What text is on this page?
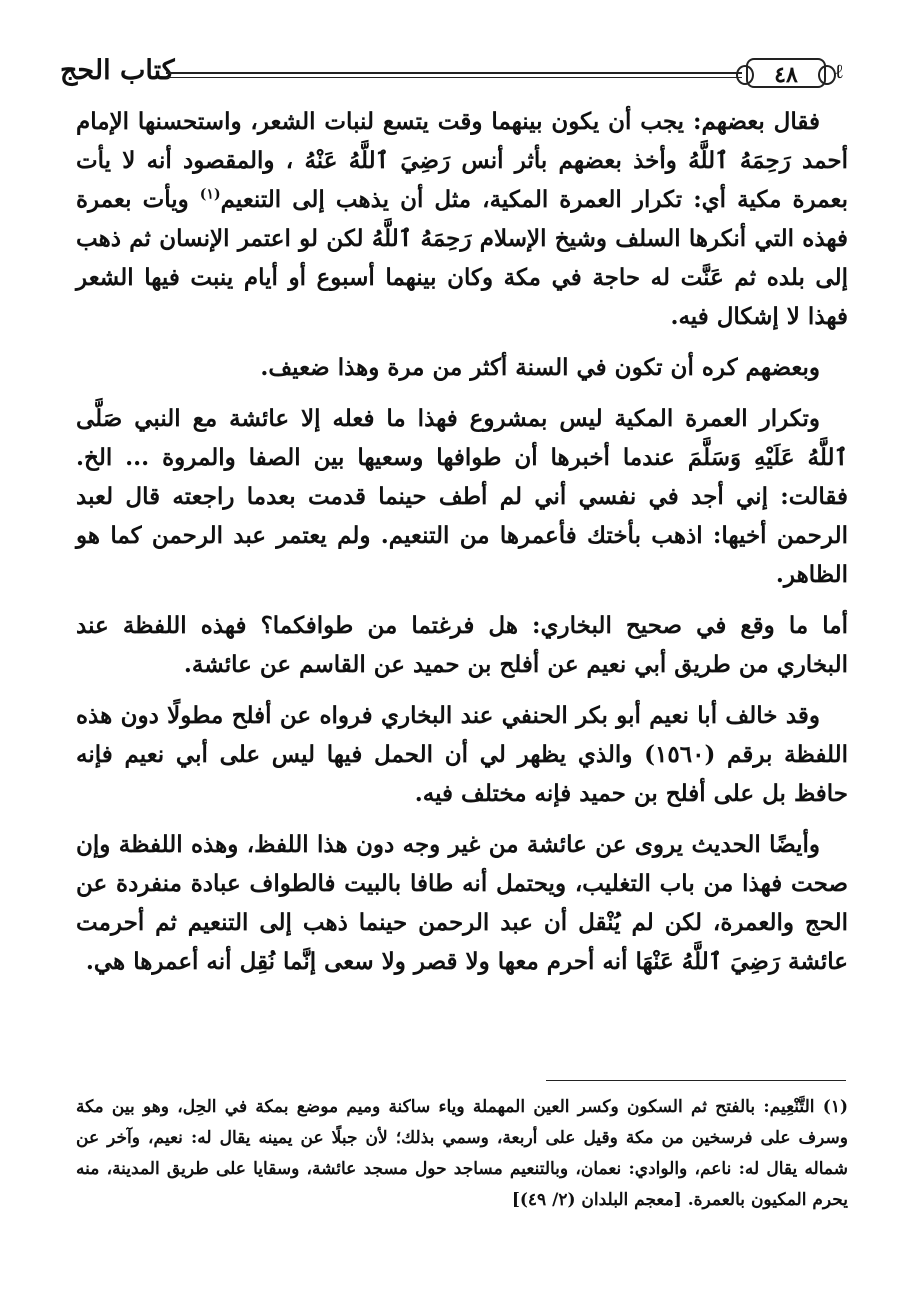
كتاب الحج	٤٨	ℓ

فقال بعضهم: يجب أن يكون بينهما وقت يتسع لنبات الشعر، واستحسنها الإمام أحمد رَحِمَهُ ٱللَّهُ وأخذ بعضهم بأثر أنس رَضِيَ ٱللَّهُ عَنْهُ ، والمقصود أنه لا يأت بعمرة مكية أي: تكرار العمرة المكية، مثل أن يذهب إلى التنعيم$^{(١)}$ ويأت بعمرة فهذه التي أنكرها السلف وشيخ الإسلام رَحِمَهُ ٱللَّهُ لكن لو اعتمر الإنسان ثم ذهب إلى بلده ثم عَنَّت له حاجة في مكة وكان بينهما أسبوع أو أيام ينبت فيها الشعر فهذا لا إشكال فيه.

وبعضهم كره أن تكون في السنة أكثر من مرة وهذا ضعيف.

وتكرار العمرة المكية ليس بمشروع فهذا ما فعله إلا عائشة مع النبي صَلَّى ٱللَّهُ عَلَيْهِ وَسَلَّمَ عندما أخبرها أن طوافها وسعيها بين الصفا والمروة ... الخ. فقالت: إني أجد في نفسي أني لم أطف حينما قدمت بعدما راجعته قال لعبد الرحمن أخيها: اذهب بأختك فأعمرها من التنعيم. ولم يعتمر عبد الرحمن كما هو الظاهر.

أما ما وقع في صحيح البخاري: هل فرغتما من طوافكما؟ فهذه اللفظة عند البخاري من طريق أبي نعيم عن أفلح بن حميد عن القاسم عن عائشة.

وقد خالف أبا نعيم أبو بكر الحنفي عند البخاري فرواه عن أفلح مطولًا دون هذه اللفظة برقم (١٥٦٠) والذي يظهر لي أن الحمل فيها ليس على أبي نعيم فإنه حافظ بل على أفلح بن حميد فإنه مختلف فيه.

وأيضًا الحديث يروى عن عائشة من غير وجه دون هذا اللفظ، وهذه اللفظة وإن صحت فهذا من باب التغليب، ويحتمل أنه طافا بالبيت فالطواف عبادة منفردة عن الحج والعمرة، لكن لم يُنْقل أن عبد الرحمن حينما ذهب إلى التنعيم ثم أحرمت عائشة رَضِيَ ٱللَّهُ عَنْهَا أنه أحرم معها ولا قصر ولا سعى إنَّما نُقِل أنه أعمرها هي.

(١) التَّنْعِيم: بالفتح ثم السكون وكسر العين المهملة وياء ساكنة وميم موضع بمكة في الحِل، وهو بين مكة وسرف على فرسخين من مكة وقيل على أربعة، وسمي بذلك؛ لأن جبلًا عن يمينه يقال له: نعيم، وآخر عن شماله يقال له: ناعم، والوادي: نعمان، وبالتنعيم مساجد حول مسجد عائشة، وسقايا على طريق المدينة، منه يحرم المكيون بالعمرة. [معجم البلدان (٢/ ٤٩)]
